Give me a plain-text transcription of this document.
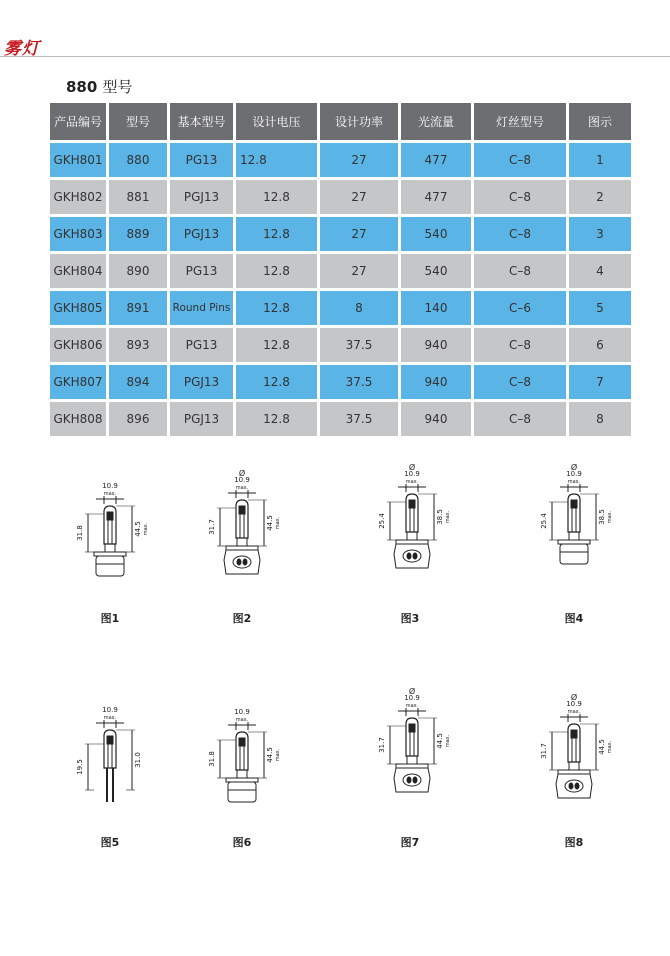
雾灯
880 型号
产品编号	型号	基本型号	设计电压	设计功率	光流量	灯丝型号	图示
GKH801	880	PG13	12.8	27	477	C–8	1
GKH802	881	PGJ13	12.8	27	477	C–8	2
GKH803	889	PGJ13	12.8	27	540	C–8	3
GKH804	890	PG13	12.8	27	540	C–8	4
GKH805	891	Round Pins	12.8	8	140	C–6	5
GKH806	893	PG13	12.8	37.5	940	C–8	6
GKH807	894	PGJ13	12.8	37.5	940	C–8	7
GKH808	896	PGJ13	12.8	37.5	940	C–8	8
10.9
max.
31.8	44.5 max.
图1
Ø
10.9
max.
31.7	44.5 max.
图2
Ø
10.9
max.
25.4	38.5 max.
图3
Ø
10.9
max.
25.4	38.5 max.
图4
10.9
max.
19.5	31.0
图5
10.9
max.
31.8	44.5 max.
图6
Ø
10.9
max.
31.7	44.5 max.
图7
Ø
10.9
max.
31.7	44.5 max.
图8
